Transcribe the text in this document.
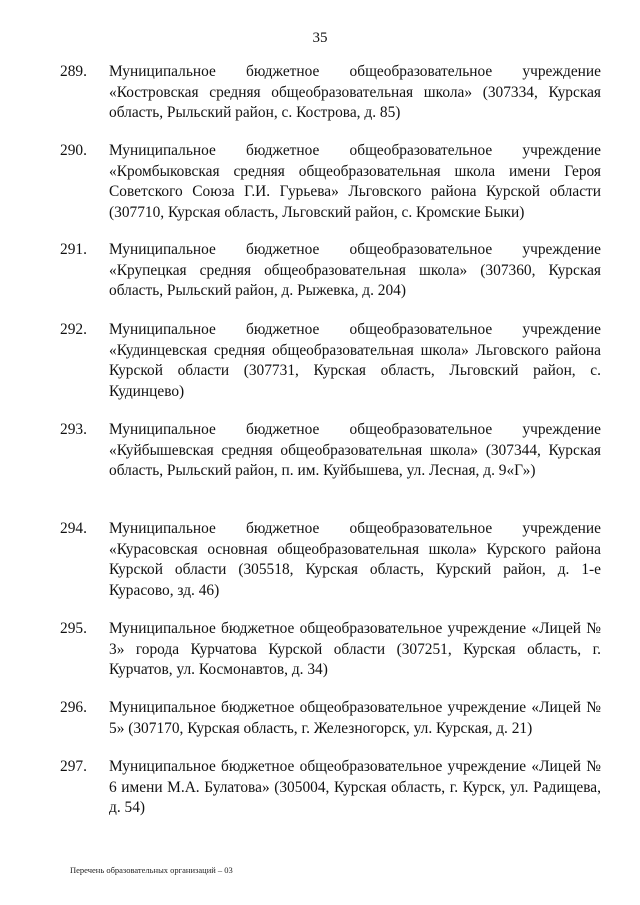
35
289. Муниципальное бюджетное общеобразовательное учреждение «Костровская средняя общеобразовательная школа» (307334, Курская область, Рыльский район, с. Кострова, д. 85)
290. Муниципальное бюджетное общеобразовательное учреждение «Кромбыковская средняя общеобразовательная школа имени Героя Советского Союза Г.И. Гурьева» Льговского района Курской области (307710, Курская область, Льговский район, с. Кромские Быки)
291. Муниципальное бюджетное общеобразовательное учреждение «Крупецкая средняя общеобразовательная школа» (307360, Курская область, Рыльский район, д. Рыжевка, д. 204)
292. Муниципальное бюджетное общеобразовательное учреждение «Кудинцевская средняя общеобразовательная школа» Льговского района Курской области (307731, Курская область, Льговский район, с. Кудинцево)
293. Муниципальное бюджетное общеобразовательное учреждение «Куйбышевская средняя общеобразовательная школа» (307344, Курская область, Рыльский район, п. им. Куйбышева, ул. Лесная, д. 9«Г»)
294. Муниципальное бюджетное общеобразовательное учреждение «Курасовская основная общеобразовательная школа» Курского района Курской области (305518, Курская область, Курский район, д. 1-е Курасово, зд. 46)
295. Муниципальное бюджетное общеобразовательное учреждение «Лицей № 3» города Курчатова Курской области (307251, Курская область, г. Курчатов, ул. Космонавтов, д. 34)
296. Муниципальное бюджетное общеобразовательное учреждение «Лицей № 5» (307170, Курская область, г. Железногорск, ул. Курская, д. 21)
297. Муниципальное бюджетное общеобразовательное учреждение «Лицей № 6 имени М.А. Булатова» (305004, Курская область, г. Курск, ул. Радищева, д. 54)
Перечень образовательных организаций – 03
